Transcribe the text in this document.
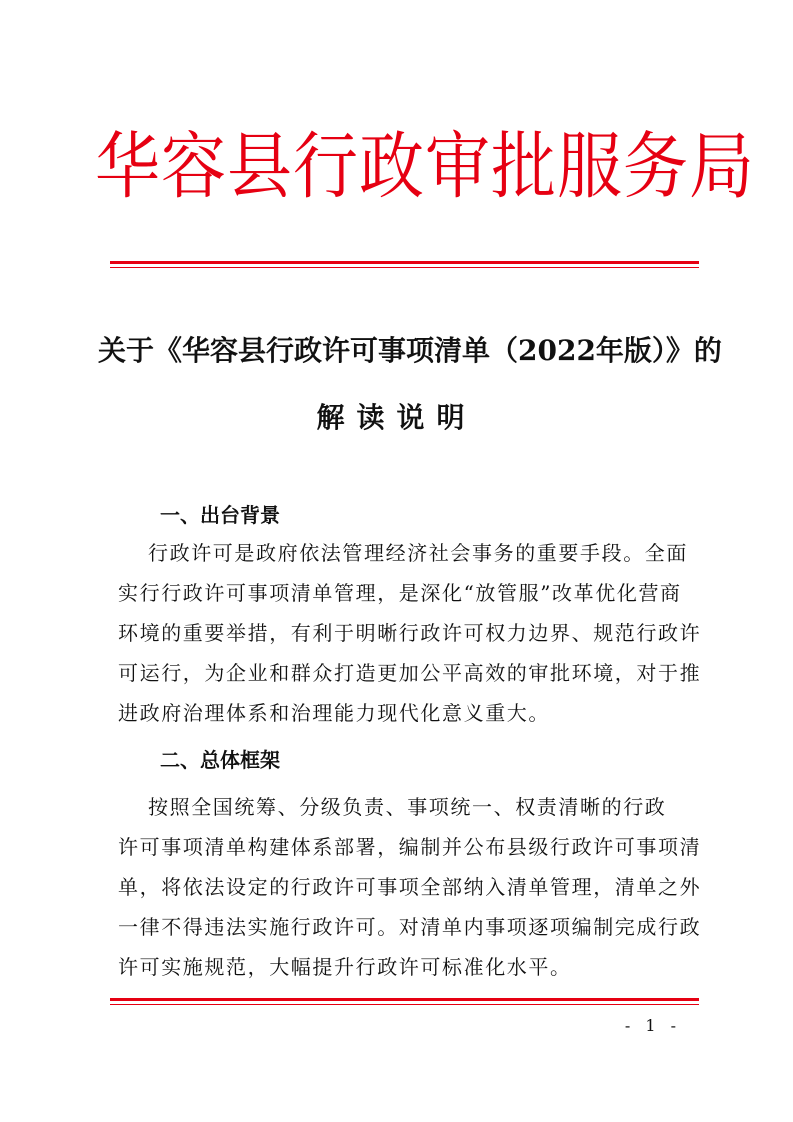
华容县行政审批服务局
关于《华容县行政许可事项清单（2022年版）》的
解读说明
一、出台背景
行政许可是政府依法管理经济社会事务的重要手段。全面
实行行政许可事项清单管理，是深化“放管服”改革优化营商
环境的重要举措，有利于明晰行政许可权力边界、规范行政许
可运行，为企业和群众打造更加公平高效的审批环境，对于推
进政府治理体系和治理能力现代化意义重大。
二、总体框架
按照全国统筹、分级负责、事项统一、权责清晰的行政
许可事项清单构建体系部署，编制并公布县级行政许可事项清
单，将依法设定的行政许可事项全部纳入清单管理，清单之外
一律不得违法实施行政许可。对清单内事项逐项编制完成行政
许可实施规范，大幅提升行政许可标准化水平。
- 1 -
